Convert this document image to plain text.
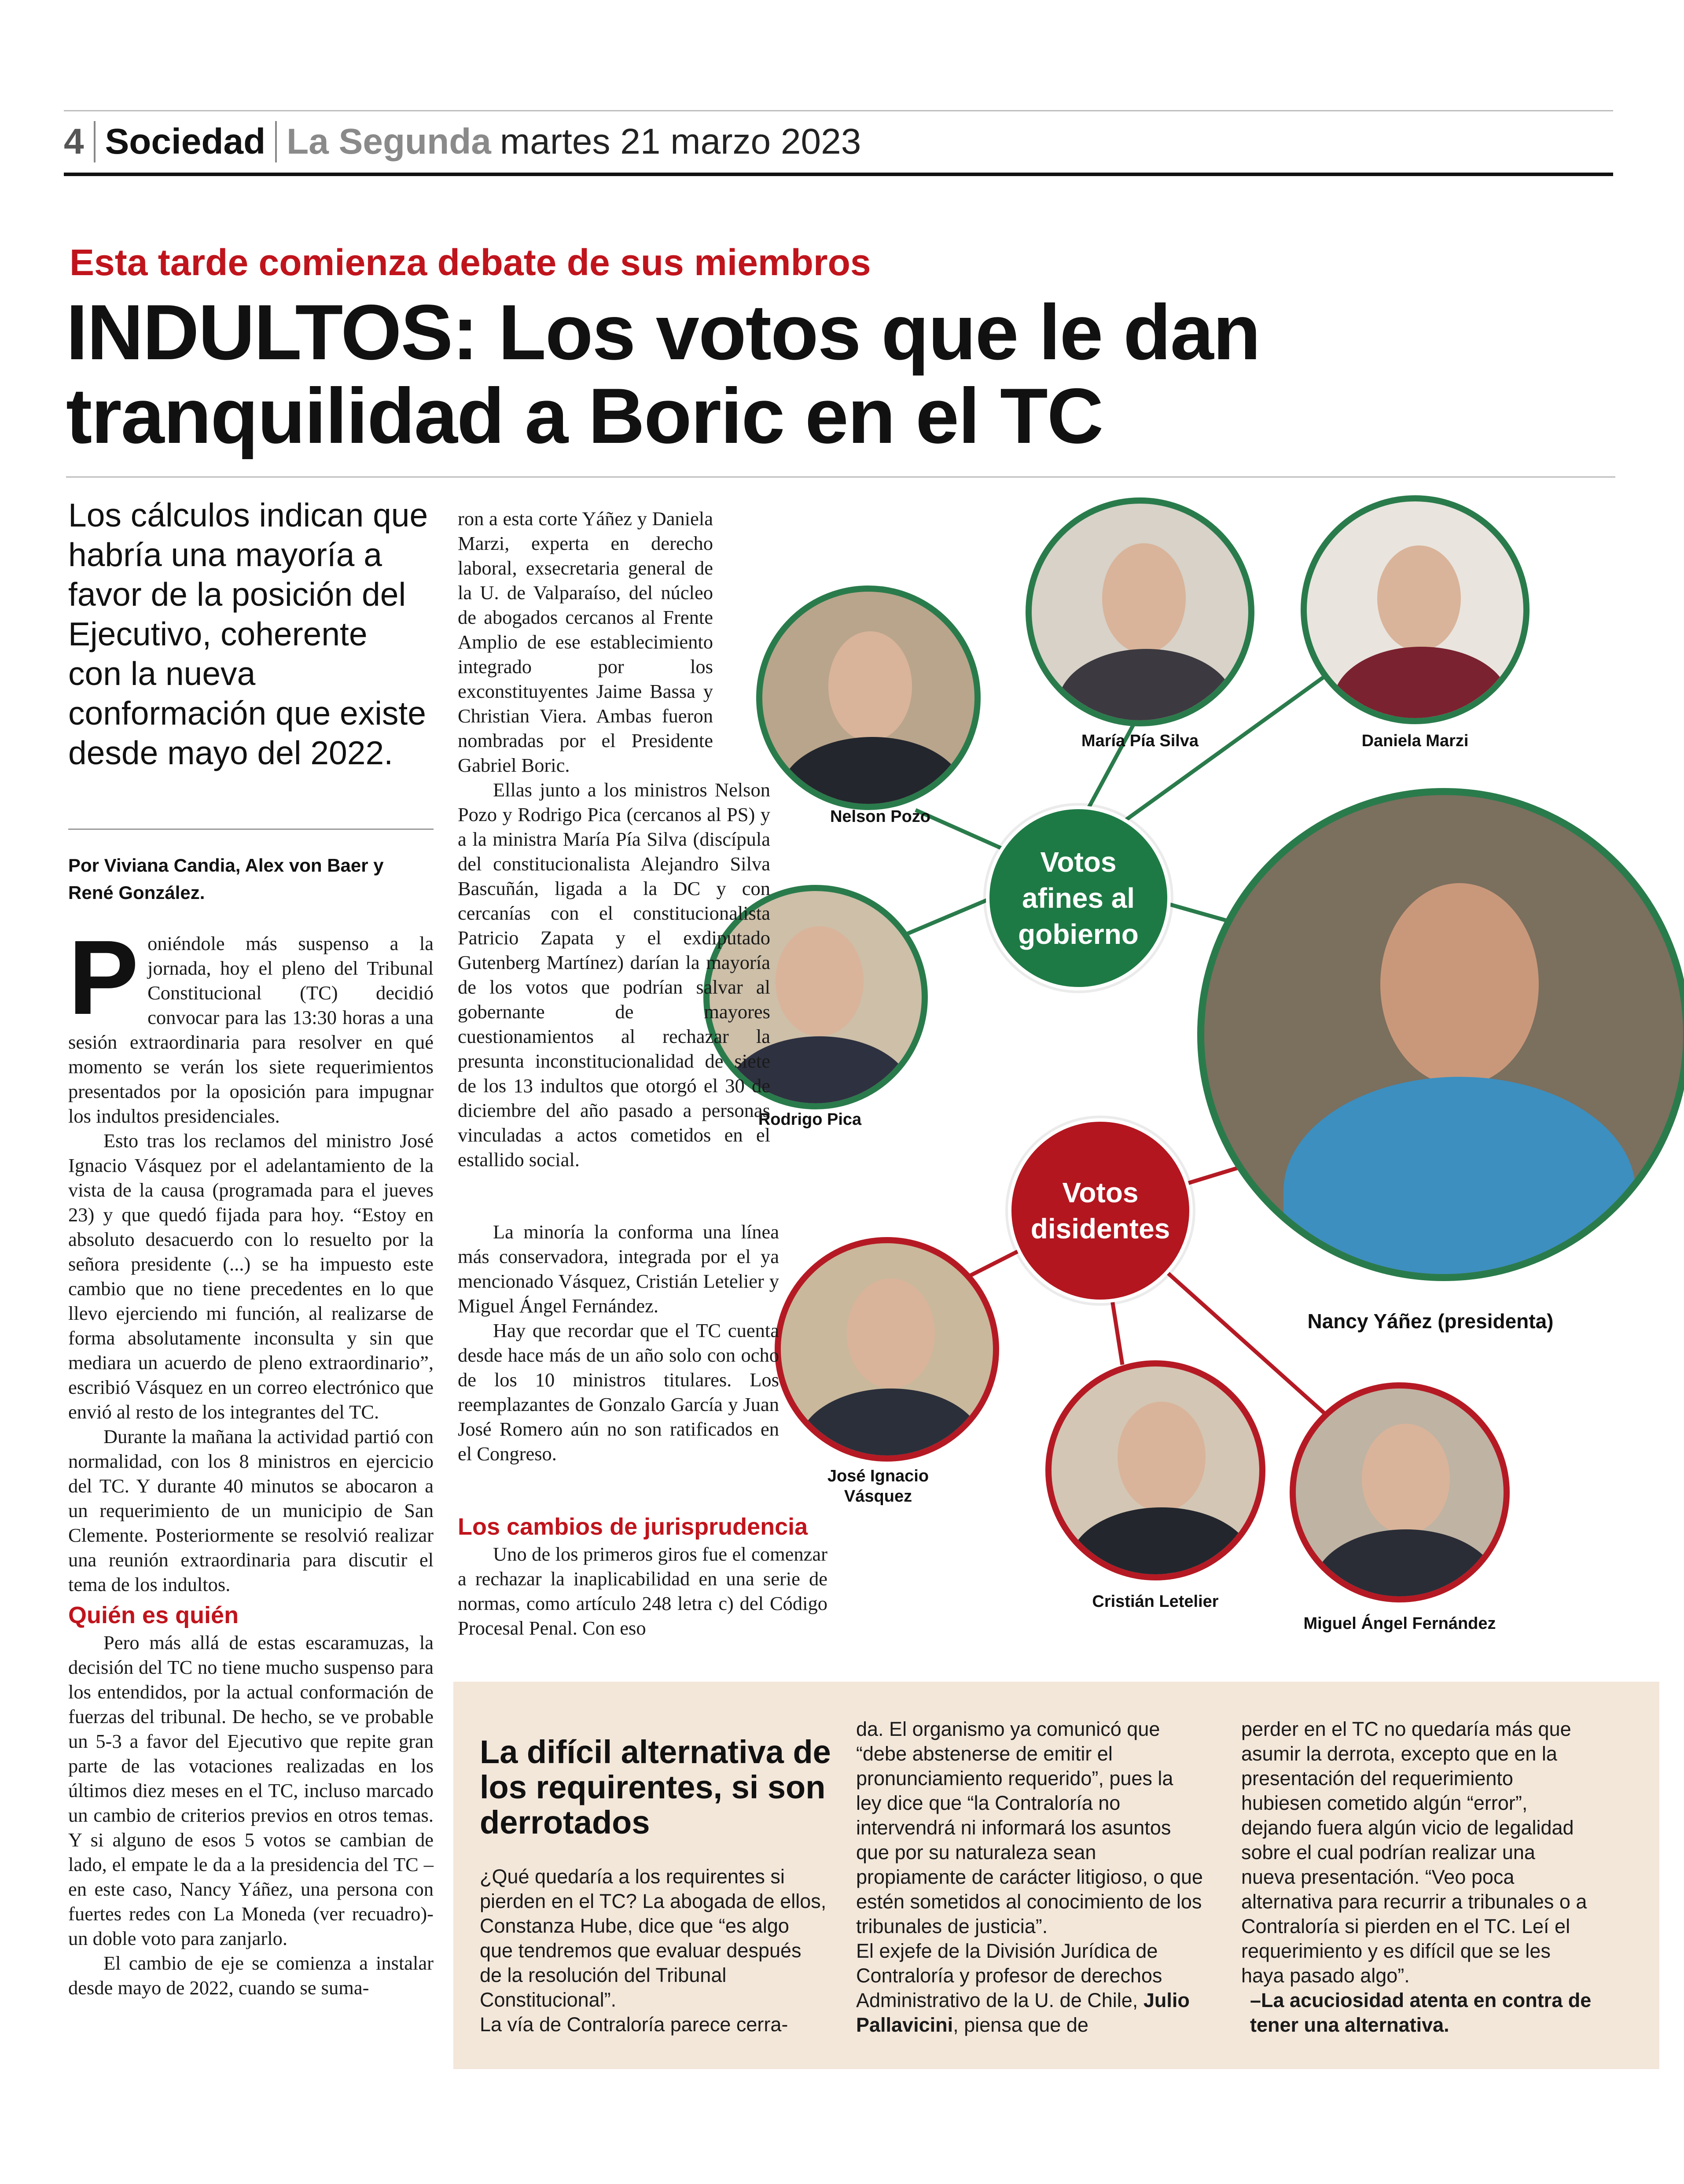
4 Sociedad La Segunda martes 21 marzo 2023
Esta tarde comienza debate de sus miembros
INDULTOS: Los votos que le dan tranquilidad a Boric en el TC
Los cálculos indican que habría una mayoría a favor de la posición del Ejecutivo, coherente con la nueva conformación que existe desde mayo del 2022.
Por Viviana Candia, Alex von Baer y René González.

Poniéndole más suspenso a la jornada, hoy el pleno del Tribunal Constitucional (TC) decidió convocar para las 13:30 horas a una sesión extraordinaria para resolver en qué momento se verán los siete requerimientos presentados por la oposición para impugnar los indultos presidenciales.

Esto tras los reclamos del ministro José Ignacio Vásquez por el adelantamiento de la vista de la causa (programada para el jueves 23) y que quedó fijada para hoy. “Estoy en absoluto desacuerdo con lo resuelto por la señora presidente (...) se ha impuesto este cambio que no tiene precedentes en lo que llevo ejerciendo mi función, al realizarse de forma absolutamente inconsulta y sin que mediara un acuerdo de pleno extraordinario”, escribió Vásquez en un correo electrónico que envió al resto de los integrantes del TC.

Durante la mañana la actividad partió con normalidad, con los 8 ministros en ejercicio del TC. Y durante 40 minutos se abocaron a un requerimiento de un municipio de San Clemente. Posteriormente se resolvió realizar una reunión extraordinaria para discutir el tema de los indultos.

Quién es quién

Pero más allá de estas escaramuzas, la decisión del TC no tiene mucho suspenso para los entendidos, por la actual conformación de fuerzas del tribunal. De hecho, se ve probable un 5-3 a favor del Ejecutivo que repite gran parte de las votaciones realizadas en los últimos diez meses en el TC, incluso marcado un cambio de criterios previos en otros temas. Y si alguno de esos 5 votos se cambian de lado, el empate le da a la presidencia del TC –en este caso, Nancy Yáñez, una persona con fuertes redes con La Moneda (ver recuadro)- un doble voto para zanjarlo.

El cambio de eje se comienza a instalar desde mayo de 2022, cuando se suma-

Nelson Pozo
María Pía Silva	Daniela Marzi
Rodrigo Pica
Votos afines al gobierno
Nancy Yáñez (presidenta)
Votos disidentes
José Ignacio Vásquez
Cristián Letelier
Miguel Ángel Fernández

ron a esta corte Yáñez y Daniela Marzi, experta en derecho laboral, exsecretaria general de la U. de Valparaíso, del núcleo de abogados cercanos al Frente Amplio de ese establecimiento integrado por los exconstituyentes Jaime Bassa y Christian Viera. Ambas fueron nombradas por el Presidente Gabriel Boric.

Ellas junto a los ministros Nelson Pozo y Rodrigo Pica (cercanos al PS) y a la ministra María Pía Silva (discípula del constitucionalista Alejandro Silva Bascuñán, ligada a la DC y con cercanías con el constitucionalista Patricio Zapata y el exdiputado Gutenberg Martínez) darían la mayoría de los votos que podrían salvar al gobernante de mayores cuestionamientos al rechazar la presunta inconstitucionalidad de siete de los 13 indultos que otorgó el 30 de diciembre del año pasado a personas vinculadas a actos cometidos en el estallido social.

La minoría la conforma una línea más conservadora, integrada por el ya mencionado Vásquez, Cristián Letelier y Miguel Ángel Fernández.

Hay que recordar que el TC cuenta desde hace más de un año solo con ocho de los 10 ministros titulares. Los reemplazantes de Gonzalo García y Juan José Romero aún no son ratificados en el Congreso.

Los cambios de jurisprudencia

Uno de los primeros giros fue el comenzar a rechazar la inaplicabilidad en una serie de normas, como artículo 248 letra c) del Código Procesal Penal. Con eso

La difícil alternativa de los requirentes, si son derrotados

¿Qué quedaría a los requirentes si pierden en el TC? La abogada de ellos, Constanza Hube, dice que “es algo que tendremos que evaluar después de la resolución del Tribunal Constitucional”.

La vía de Contraloría parece cerra-

da. El organismo ya comunicó que “debe abstenerse de emitir el pronunciamiento requerido”, pues la ley dice que “la Contraloría no intervendrá ni informará los asuntos que por su naturaleza sean propiamente de carácter litigioso, o que estén sometidos al conocimiento de los tribunales de justicia”.

El exjefe de la División Jurídica de Contraloría y profesor de derechos Administrativo de la U. de Chile, Julio Pallavicini, piensa que de

perder en el TC no quedaría más que asumir la derrota, excepto que en la presentación del requerimiento hubiesen cometido algún “error”, dejando fuera algún vicio de legalidad sobre el cual podrían realizar una nueva presentación. “Veo poca alternativa para recurrir a tribunales o a Contraloría si pierden en el TC. Leí el requerimiento y es difícil que se les haya pasado algo”.

–La acuciosidad atenta en contra de tener una alternativa.
